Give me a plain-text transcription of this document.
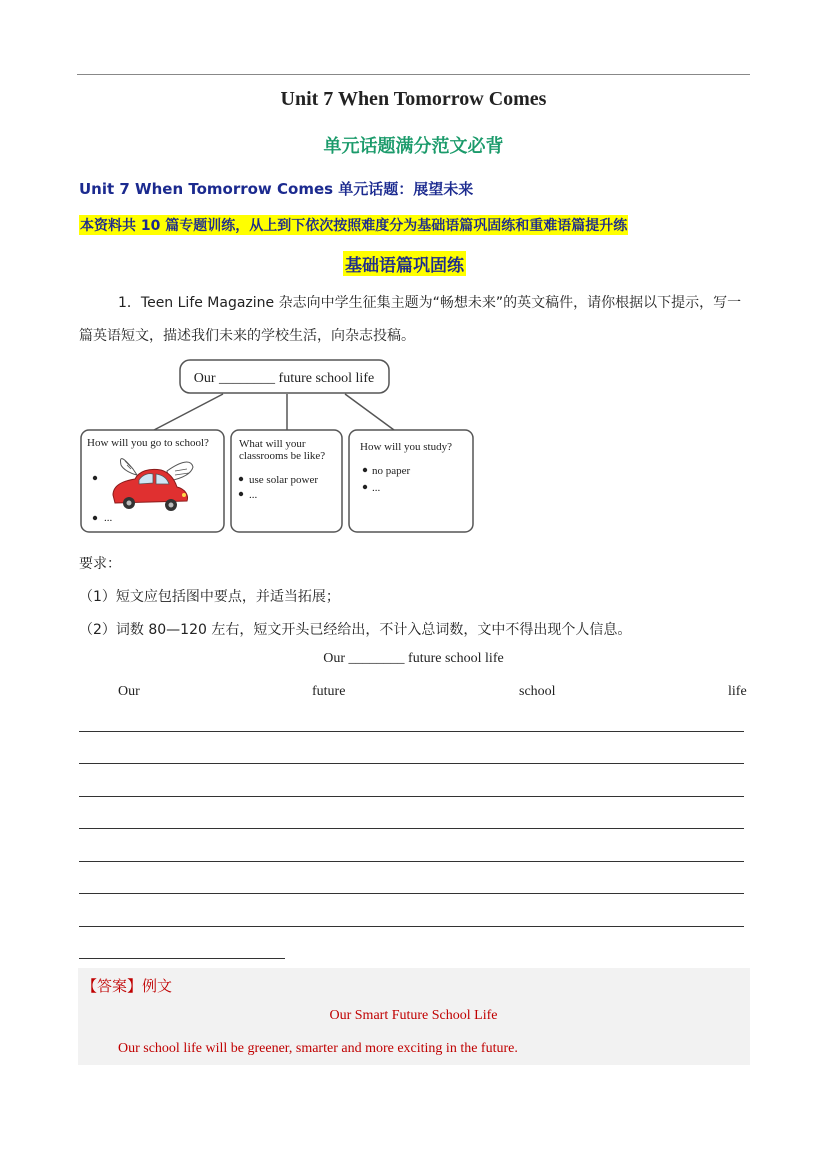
Unit 7 When Tomorrow Comes
单元话题满分范文必背
Unit 7 When Tomorrow Comes 单元话题：展望未来
本资料共 10 篇专题训练，从上到下依次按照难度分为基础语篇巩固练和重难语篇提升练
基础语篇巩固练
1．Teen Life Magazine 杂志向中学生征集主题为“畅想未来”的英文稿件，请你根据以下提示，写一
篇英语短文，描述我们未来的学校生活，向杂志投稿。
Our ________ future school life
How will you go to school?
...
What will your
classrooms be like?
use solar power
...
How will you study?
no paper
...
要求：
（1）短文应包括图中要点，并适当拓展；
（2）词数 80—120 左右，短文开头已经给出，不计入总词数，文中不得出现个人信息。
Our ________ future school life
Our	future	school	life
【答案】例文
Our Smart Future School Life
Our school life will be greener, smarter and more exciting in the future.
